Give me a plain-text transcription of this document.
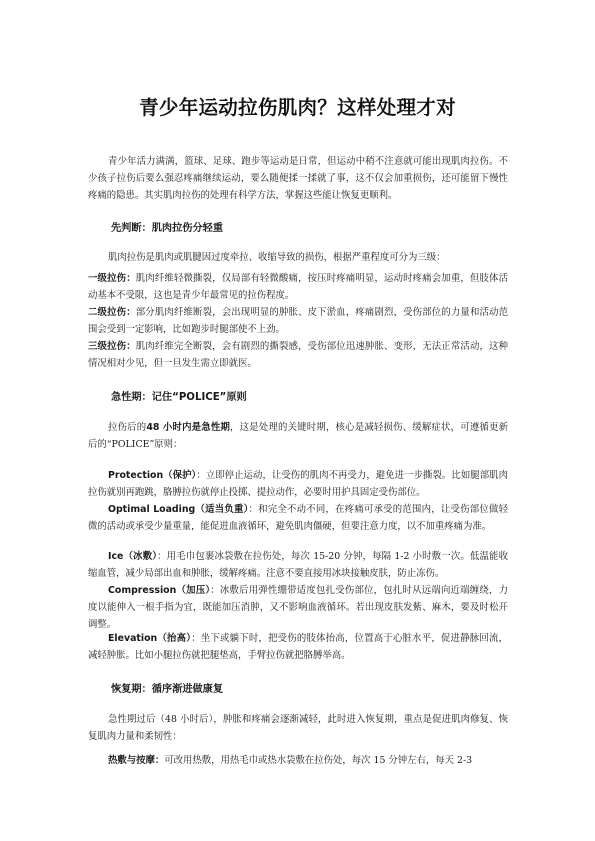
青少年运动拉伤肌肉？这样处理才对

青少年活力满满，篮球、足球、跑步等运动是日常，但运动中稍不注意就可能出现肌肉拉伤。不少孩子拉伤后要么强忍疼痛继续运动，要么随便揉一揉就了事，这不仅会加重损伤，还可能留下慢性疼痛的隐患。其实肌肉拉伤的处理有科学方法，掌握这些能让恢复更顺利。

先判断：肌肉拉伤分轻重

肌肉拉伤是肌肉或肌腱因过度牵拉、收缩导致的损伤，根据严重程度可分为三级：

一级拉伤：肌肉纤维轻微撕裂，仅局部有轻微酸痛，按压时疼痛明显，运动时疼痛会加重，但肢体活动基本不受限，这也是青少年最常见的拉伤程度。

二级拉伤：部分肌肉纤维断裂，会出现明显的肿胀、皮下淤血，疼痛剧烈，受伤部位的力量和活动范围会受到一定影响，比如跑步时腿部使不上劲。

三级拉伤：肌肉纤维完全断裂，会有剧烈的撕裂感，受伤部位迅速肿胀、变形，无法正常活动，这种情况相对少见，但一旦发生需立即就医。

急性期：记住“POLICE”原则

拉伤后的48 小时内是急性期，这是处理的关键时期，核心是减轻损伤、缓解症状，可遵循更新后的“POLICE”原则：

Protection（保护）：立即停止运动，让受伤的肌肉不再受力，避免进一步撕裂。比如腿部肌肉拉伤就别再跑跳，胳膊拉伤就停止投掷、提拉动作，必要时用护具固定受伤部位。

Optimal Loading（适当负重）：和完全不动不同，在疼痛可承受的范围内，让受伤部位做轻微的活动或承受少量重量，能促进血液循环，避免肌肉僵硬，但要注意力度，以不加重疼痛为准。

Ice（冰敷）：用毛巾包裹冰袋敷在拉伤处，每次 15-20 分钟，每隔 1-2 小时敷一次。低温能收缩血管，减少局部出血和肿胀，缓解疼痛。注意不要直接用冰块接触皮肤，防止冻伤。

Compression（加压）：冰敷后用弹性绷带适度包扎受伤部位，包扎时从远端向近端缠绕，力度以能伸入一根手指为宜，既能加压消肿，又不影响血液循环。若出现皮肤发紫、麻木，要及时松开调整。

Elevation（抬高）：坐下或躺下时，把受伤的肢体抬高，位置高于心脏水平，促进静脉回流，减轻肿胀。比如小腿拉伤就把腿垫高，手臂拉伤就把胳膊举高。

恢复期：循序渐进做康复

急性期过后（48 小时后），肿胀和疼痛会逐渐减轻，此时进入恢复期，重点是促进肌肉修复、恢复肌肉力量和柔韧性：

热敷与按摩：可改用热敷，用热毛巾或热水袋敷在拉伤处，每次 15 分钟左右，每天 2-3
